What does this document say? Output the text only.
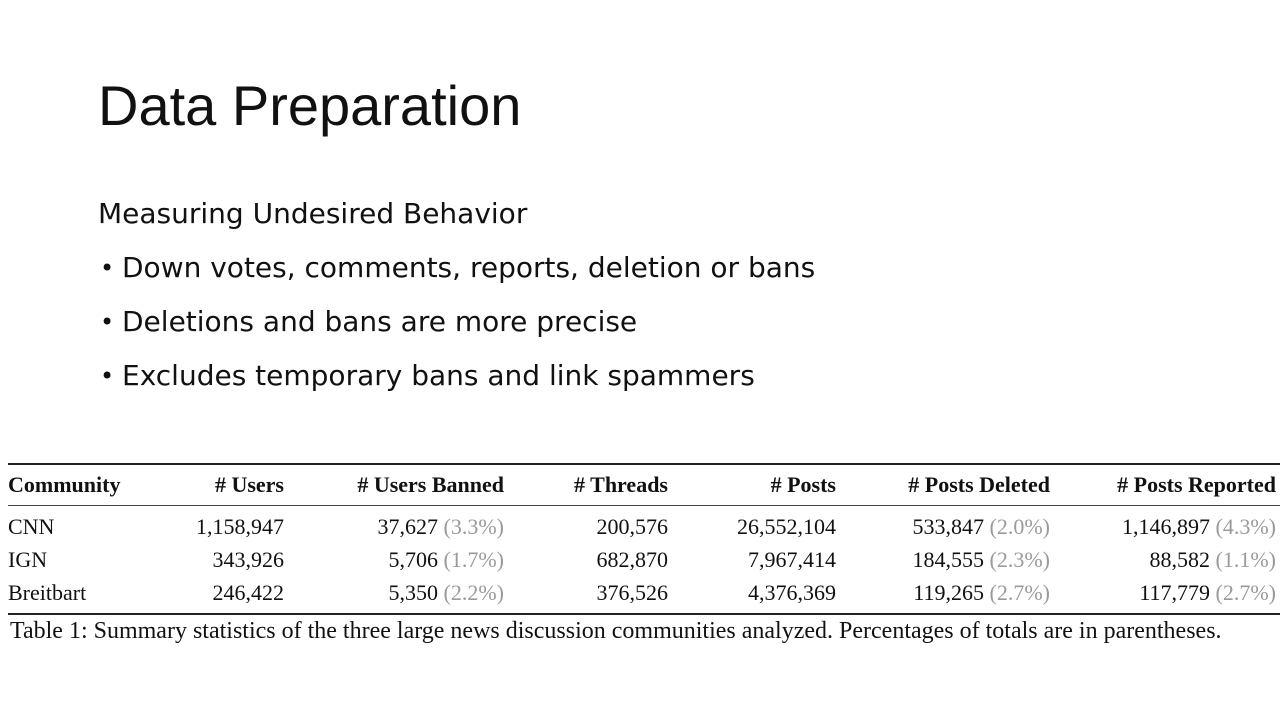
Data Preparation
Measuring Undesired Behavior
• Down votes, comments, reports, deletion or bans
• Deletions and bans are more precise
• Excludes temporary bans and link spammers
Community	# Users	# Users Banned	# Threads	# Posts	# Posts Deleted	# Posts Reported
CNN	1,158,947	37,627 (3.3%)	200,576	26,552,104	533,847 (2.0%)	1,146,897 (4.3%)
IGN	343,926	5,706 (1.7%)	682,870	7,967,414	184,555 (2.3%)	88,582 (1.1%)
Breitbart	246,422	5,350 (2.2%)	376,526	4,376,369	119,265 (2.7%)	117,779 (2.7%)
Table 1: Summary statistics of the three large news discussion communities analyzed. Percentages of totals are in parentheses.
